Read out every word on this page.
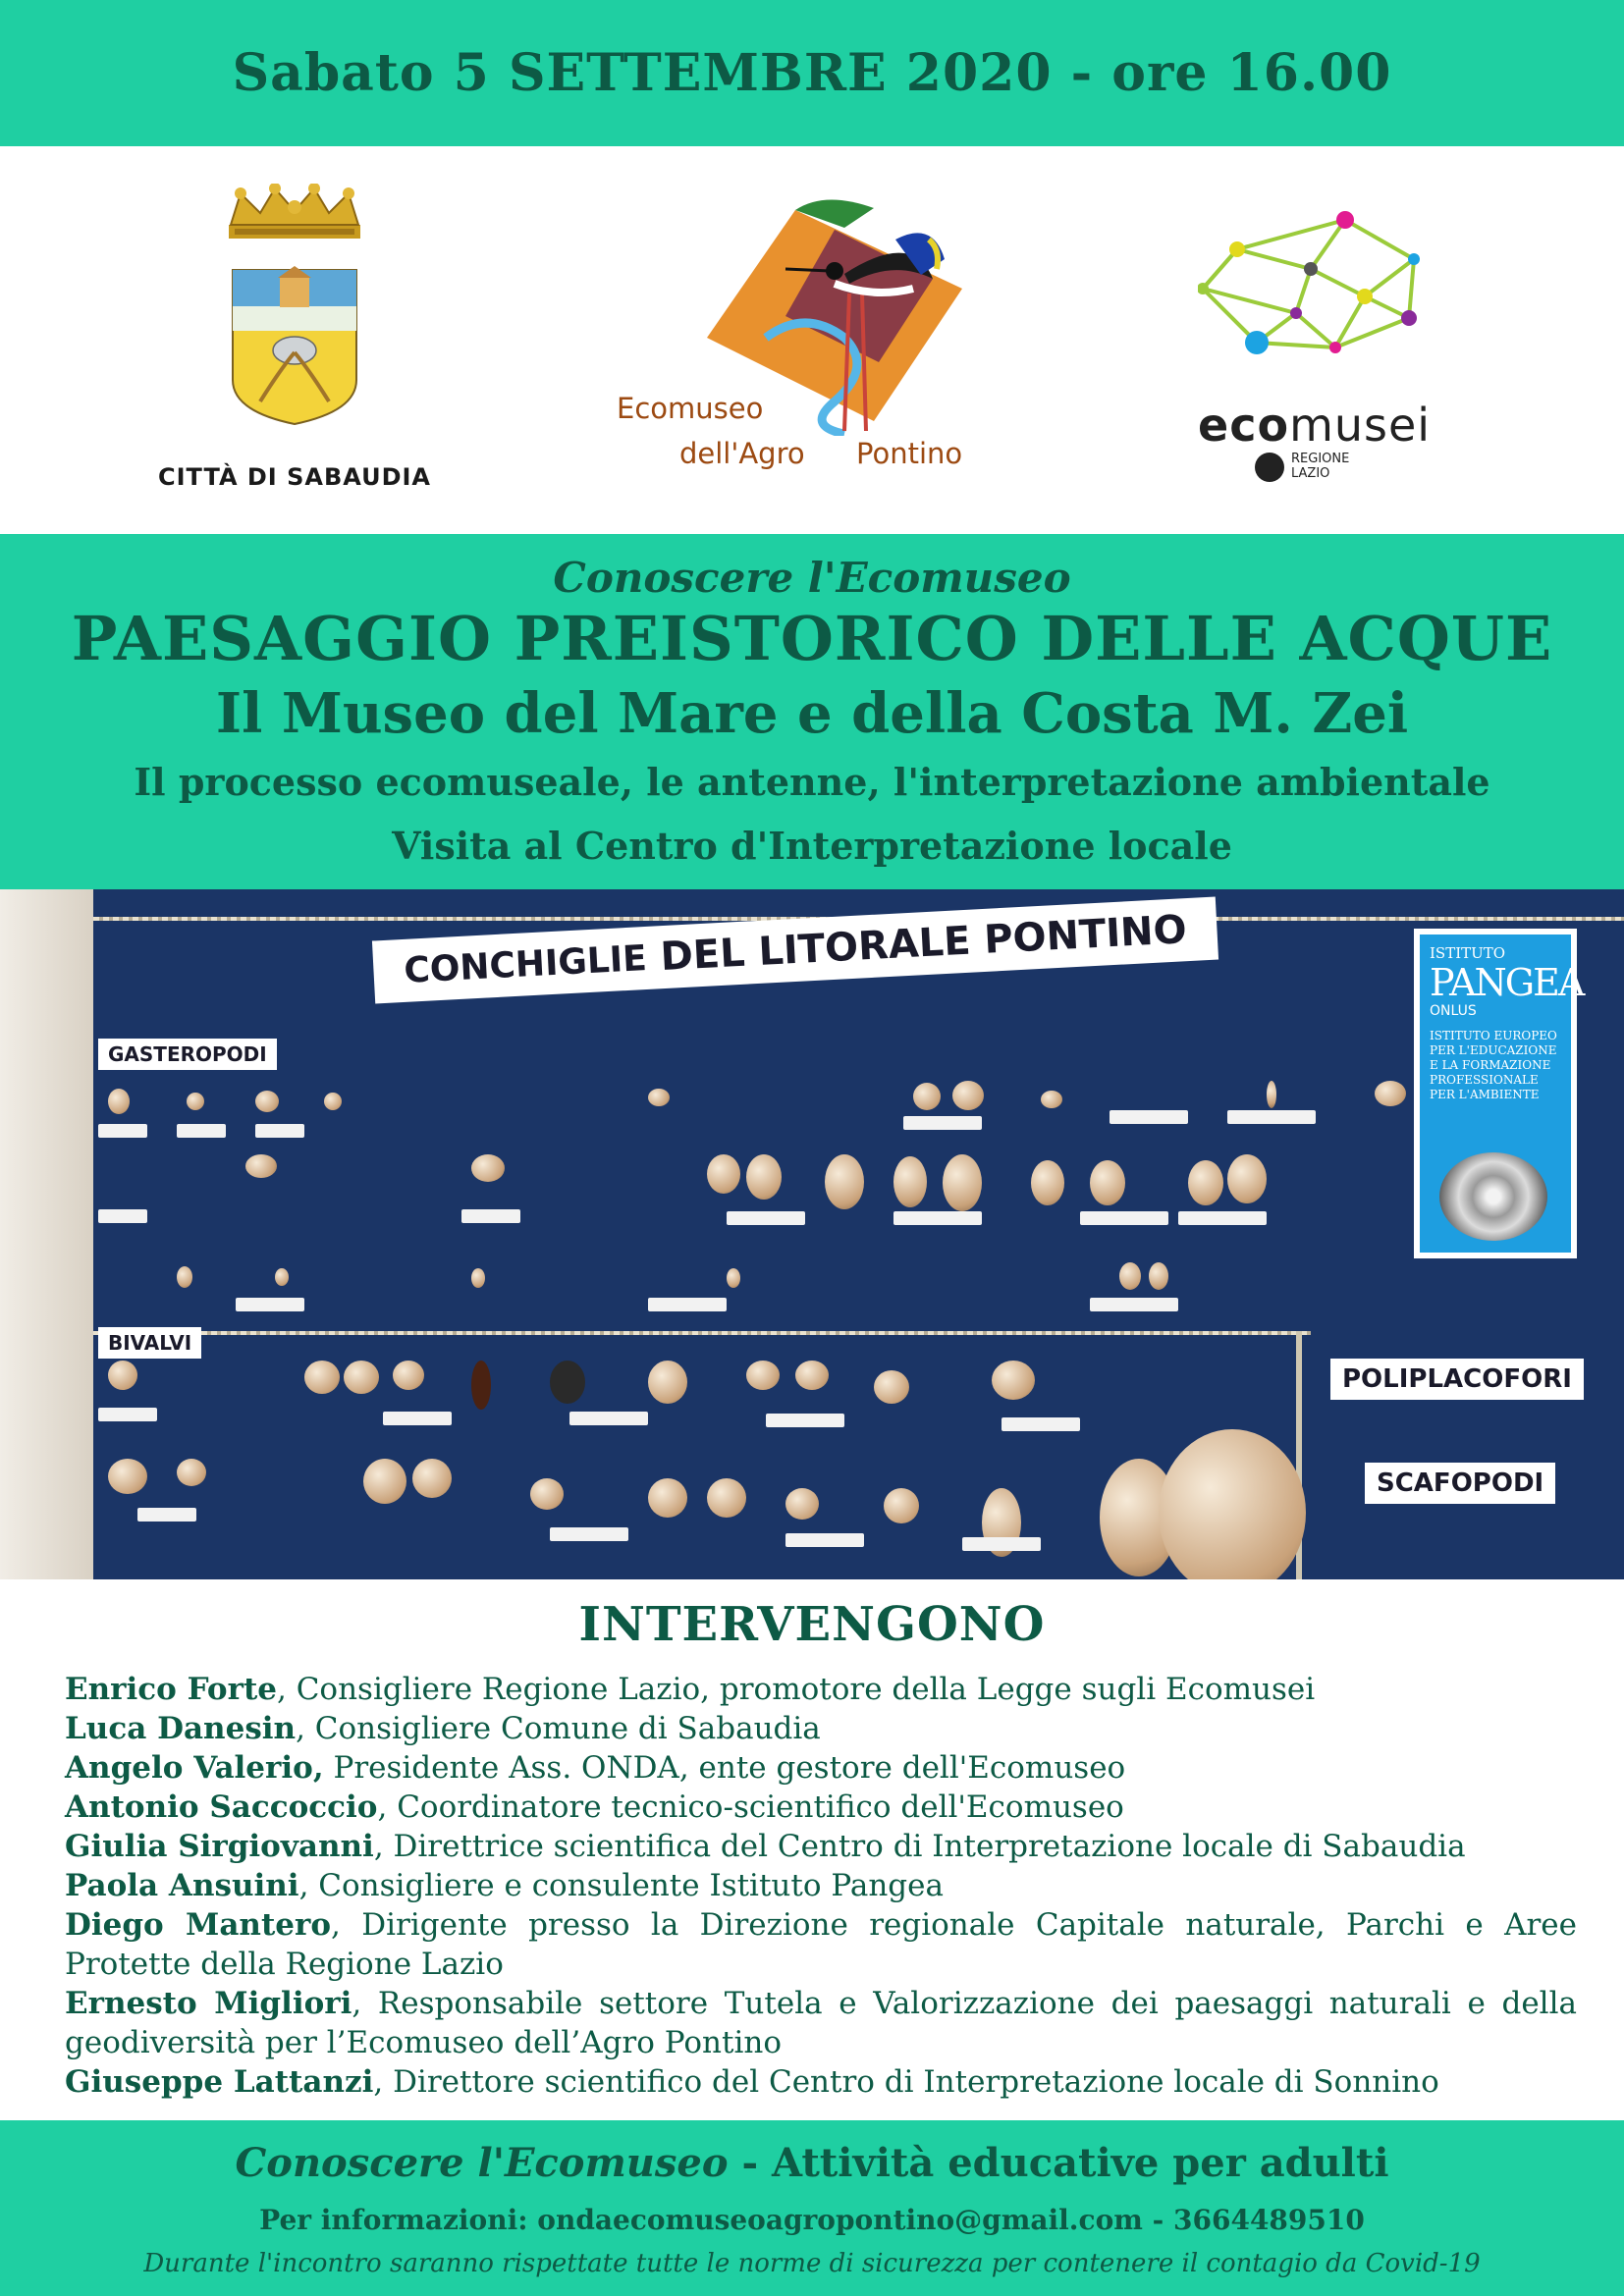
Sabato 5 SETTEMBRE 2020 - ore 16.00
CITTÀ DI SABAUDIA
Ecomuseo
dell'Agro Pontino
ecomusei
REGIONE
LAZIO
Conoscere l'Ecomuseo
PAESAGGIO PREISTORICO DELLE ACQUE
Il Museo del Mare e della Costa M. Zei
Il processo ecomuseale, le antenne, l'interpretazione ambientale
Visita al Centro d'Interpretazione locale
CONCHIGLIE DEL LITORALE PONTINO
GASTEROPODI
BIVALVI
POLIPLACOFORI
SCAFOPODI
ISTITUTO
PANGEA
ONLUS
ISTITUTO EUROPEO
PER L'EDUCAZIONE
E LA FORMAZIONE
PROFESSIONALE
PER L'AMBIENTE
INTERVENGONO
Enrico Forte, Consigliere Regione Lazio, promotore della Legge sugli Ecomusei
Luca Danesin, Consigliere Comune di Sabaudia
Angelo Valerio, Presidente Ass. ONDA, ente gestore dell'Ecomuseo
Antonio Saccoccio, Coordinatore tecnico-scientifico dell'Ecomuseo
Giulia Sirgiovanni, Direttrice scientifica del Centro di Interpretazione locale di Sabaudia
Paola Ansuini, Consigliere e consulente Istituto Pangea
Diego Mantero, Dirigente presso la Direzione regionale Capitale naturale, Parchi e Aree Protette della Regione Lazio
Ernesto Migliori, Responsabile settore Tutela e Valorizzazione dei paesaggi naturali e della geodiversità per l’Ecomuseo dell’Agro Pontino
Giuseppe Lattanzi, Direttore scientifico del Centro di Interpretazione locale di Sonnino
Conoscere l'Ecomuseo - Attività educative per adulti
Per informazioni: ondaecomuseoagropontino@gmail.com - 3664489510
Durante l'incontro saranno rispettate tutte le norme di sicurezza per contenere il contagio da Covid-19
